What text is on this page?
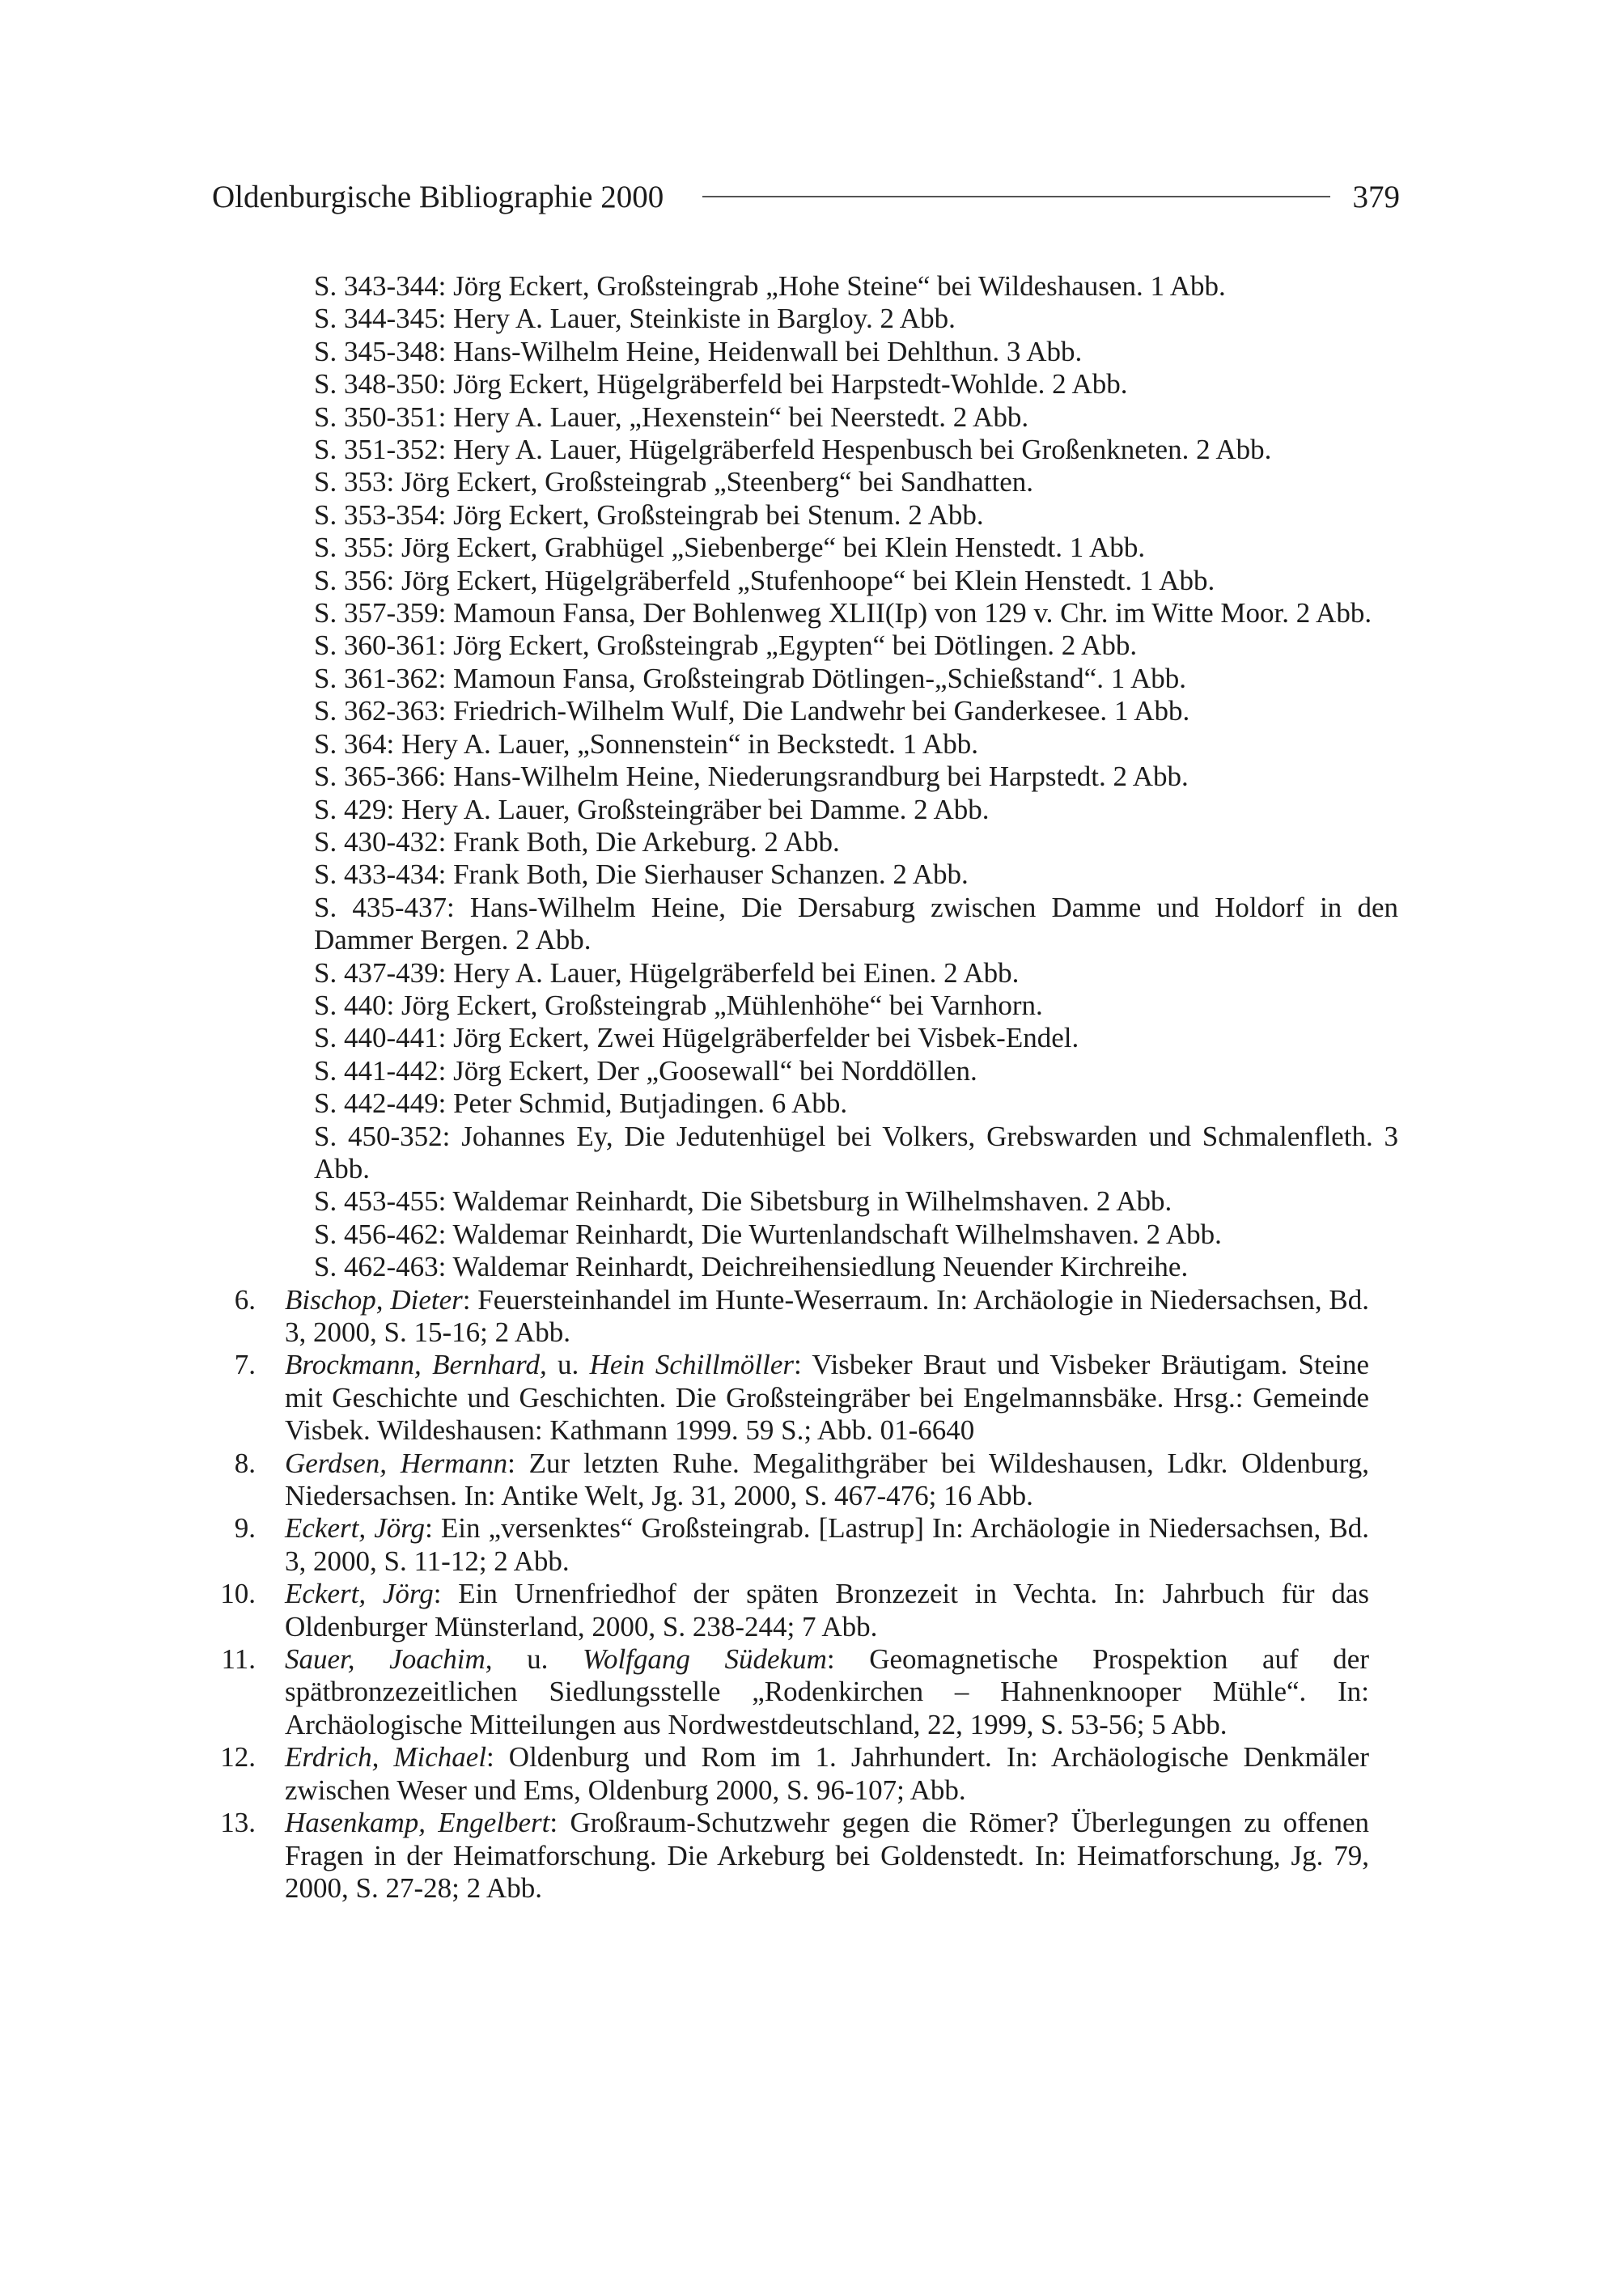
Oldenburgische Bibliographie 2000	379
S. 343-344: Jörg Eckert, Großsteingrab „Hohe Steine“ bei Wildeshausen. 1 Abb.
S. 344-345: Hery A. Lauer, Steinkiste in Bargloy. 2 Abb.
S. 345-348: Hans-Wilhelm Heine, Heidenwall bei Dehlthun. 3 Abb.
S. 348-350: Jörg Eckert, Hügelgräberfeld bei Harpstedt-Wohlde. 2 Abb.
S. 350-351: Hery A. Lauer, „Hexenstein“ bei Neerstedt. 2 Abb.
S. 351-352: Hery A. Lauer, Hügelgräberfeld Hespenbusch bei Großenkneten. 2 Abb.
S. 353: Jörg Eckert, Großsteingrab „Steenberg“ bei Sandhatten.
S. 353-354: Jörg Eckert, Großsteingrab bei Stenum. 2 Abb.
S. 355: Jörg Eckert, Grabhügel „Siebenberge“ bei Klein Henstedt. 1 Abb.
S. 356: Jörg Eckert, Hügelgräberfeld „Stufenhoope“ bei Klein Henstedt. 1 Abb.
S. 357-359: Mamoun Fansa, Der Bohlenweg XLII(Ip) von 129 v. Chr. im Witte Moor. 2 Abb.
S. 360-361: Jörg Eckert, Großsteingrab „Egypten“ bei Dötlingen. 2 Abb.
S. 361-362: Mamoun Fansa, Großsteingrab Dötlingen-„Schießstand“. 1 Abb.
S. 362-363: Friedrich-Wilhelm Wulf, Die Landwehr bei Ganderkesee. 1 Abb.
S. 364: Hery A. Lauer, „Sonnenstein“ in Beckstedt. 1 Abb.
S. 365-366: Hans-Wilhelm Heine, Niederungsrandburg bei Harpstedt. 2 Abb.
S. 429: Hery A. Lauer, Großsteingräber bei Damme. 2 Abb.
S. 430-432: Frank Both, Die Arkeburg. 2 Abb.
S. 433-434: Frank Both, Die Sierhauser Schanzen. 2 Abb.
S. 435-437: Hans-Wilhelm Heine, Die Dersaburg zwischen Damme und Holdorf in den Dammer Bergen. 2 Abb.
S. 437-439: Hery A. Lauer, Hügelgräberfeld bei Einen. 2 Abb.
S. 440: Jörg Eckert, Großsteingrab „Mühlenhöhe“ bei Varnhorn.
S. 440-441: Jörg Eckert, Zwei Hügelgräberfelder bei Visbek-Endel.
S. 441-442: Jörg Eckert, Der „Goosewall“ bei Norddöllen.
S. 442-449: Peter Schmid, Butjadingen. 6 Abb.
S. 450-352: Johannes Ey, Die Jedutenhügel bei Volkers, Grebswarden und Schmalenfleth. 3 Abb.
S. 453-455: Waldemar Reinhardt, Die Sibetsburg in Wilhelmshaven. 2 Abb.
S. 456-462: Waldemar Reinhardt, Die Wurtenlandschaft Wilhelmshaven. 2 Abb.
S. 462-463: Waldemar Reinhardt, Deichreihensiedlung Neuender Kirchreihe.
6.	Bischop, Dieter: Feuersteinhandel im Hunte-Weserraum. In: Archäologie in Niedersachsen, Bd. 3, 2000, S. 15-16; 2 Abb.
7.	Brockmann, Bernhard, u. Hein Schillmöller: Visbeker Braut und Visbeker Bräutigam. Steine mit Geschichte und Geschichten. Die Großsteingräber bei Engelmannsbäke. Hrsg.: Gemeinde Visbek. Wildeshausen: Kathmann 1999. 59 S.; Abb. 01-6640
8.	Gerdsen, Hermann: Zur letzten Ruhe. Megalithgräber bei Wildeshausen, Ldkr. Oldenburg, Niedersachsen. In: Antike Welt, Jg. 31, 2000, S. 467-476; 16 Abb.
9.	Eckert, Jörg: Ein „versenktes“ Großsteingrab. [Lastrup] In: Archäologie in Niedersachsen, Bd. 3, 2000, S. 11-12; 2 Abb.
10.	Eckert, Jörg: Ein Urnenfriedhof der späten Bronzezeit in Vechta. In: Jahrbuch für das Oldenburger Münsterland, 2000, S. 238-244; 7 Abb.
11.	Sauer, Joachim, u. Wolfgang Südekum: Geomagnetische Prospektion auf der spätbronzezeitlichen Siedlungsstelle „Rodenkirchen – Hahnenknooper Mühle“. In: Archäologische Mitteilungen aus Nordwestdeutschland, 22, 1999, S. 53-56; 5 Abb.
12.	Erdrich, Michael: Oldenburg und Rom im 1. Jahrhundert. In: Archäologische Denkmäler zwischen Weser und Ems, Oldenburg 2000, S. 96-107; Abb.
13.	Hasenkamp, Engelbert: Großraum-Schutzwehr gegen die Römer? Überlegungen zu offenen Fragen in der Heimatforschung. Die Arkeburg bei Goldenstedt. In: Heimatforschung, Jg. 79, 2000, S. 27-28; 2 Abb.
